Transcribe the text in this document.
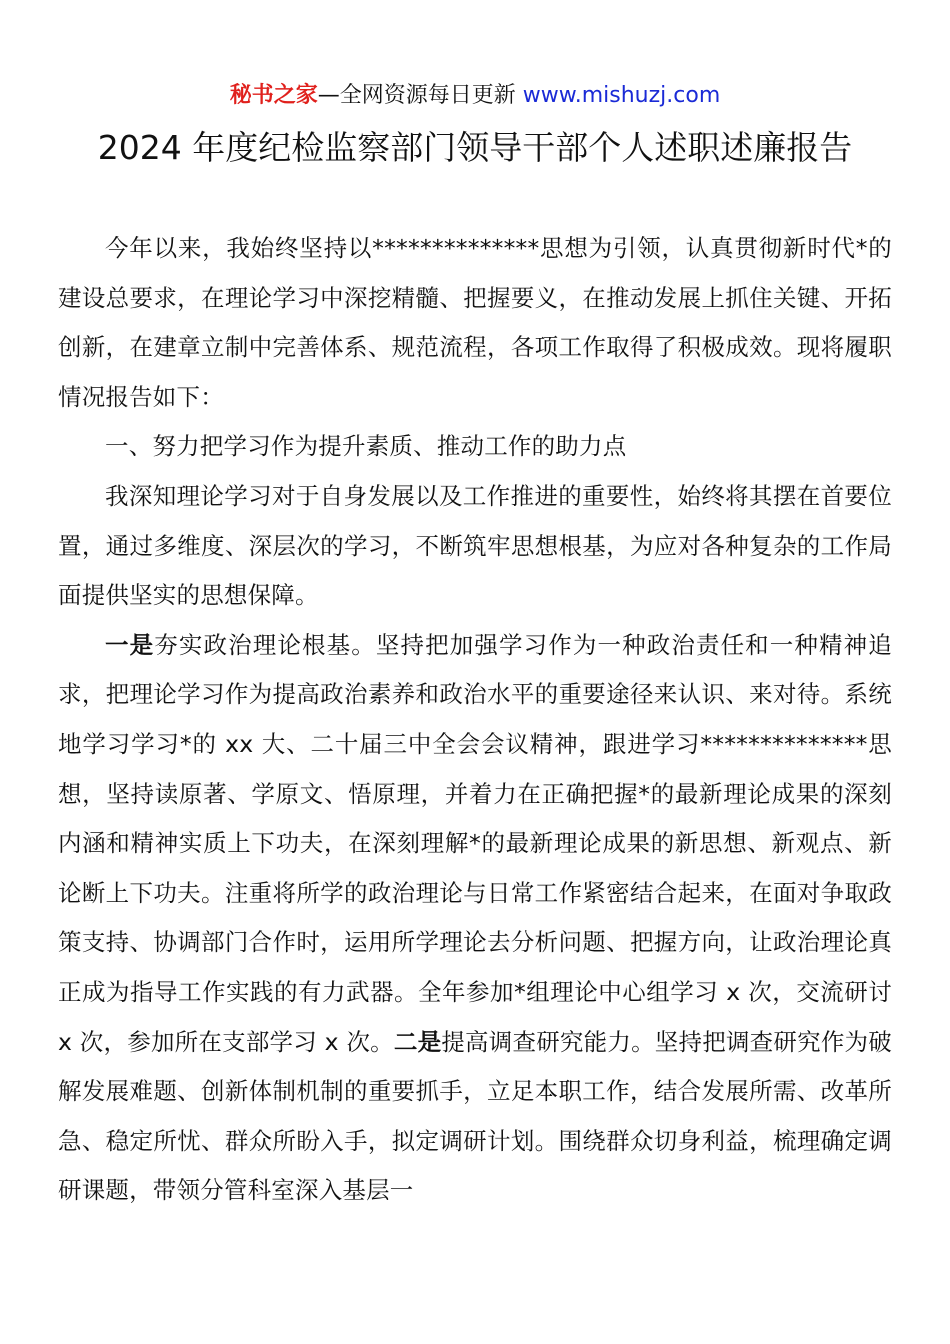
秘书之家—全网资源每日更新 www.mishuzj.com
2024 年度纪检监察部门领导干部个人述职述廉报告

今年以来，我始终坚持以**************思想为引领，认真贯彻新时代*的建设总要求，在理论学习中深挖精髓、把握要义，在推动发展上抓住关键、开拓创新，在建章立制中完善体系、规范流程，各项工作取得了积极成效。现将履职情况报告如下：

一、努力把学习作为提升素质、推动工作的助力点

我深知理论学习对于自身发展以及工作推进的重要性，始终将其摆在首要位置，通过多维度、深层次的学习，不断筑牢思想根基，为应对各种复杂的工作局面提供坚实的思想保障。

一是夯实政治理论根基。坚持把加强学习作为一种政治责任和一种精神追求，把理论学习作为提高政治素养和政治水平的重要途径来认识、来对待。系统地学习学习*的 xx 大、二十届三中全会会议精神，跟进学习**************思想，坚持读原著、学原文、悟原理，并着力在正确把握*的最新理论成果的深刻内涵和精神实质上下功夫，在深刻理解*的最新理论成果的新思想、新观点、新论断上下功夫。注重将所学的政治理论与日常工作紧密结合起来，在面对争取政策支持、协调部门合作时，运用所学理论去分析问题、把握方向，让政治理论真正成为指导工作实践的有力武器。全年参加*组理论中心组学习 x 次，交流研讨 x 次，参加所在支部学习 x 次。二是提高调查研究能力。坚持把调查研究作为破解发展难题、创新体制机制的重要抓手，立足本职工作，结合发展所需、改革所急、稳定所忧、群众所盼入手，拟定调研计划。围绕群众切身利益，梳理确定调研课题，带领分管科室深入基层一
